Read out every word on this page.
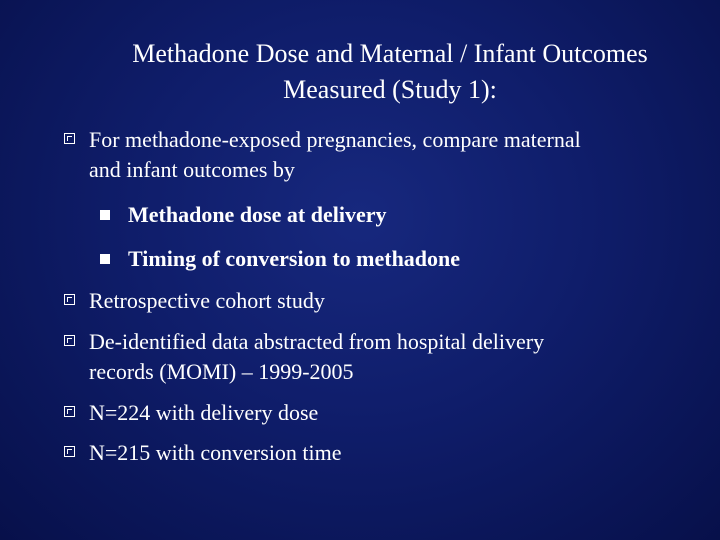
Methadone Dose and Maternal / Infant Outcomes
Measured (Study 1):
For methadone-exposed pregnancies, compare maternal
and infant outcomes by
Methadone dose at delivery
Timing of conversion to methadone
Retrospective cohort study
De-identified data abstracted from hospital delivery
records (MOMI) – 1999-2005
N=224 with delivery dose
N=215 with conversion time
